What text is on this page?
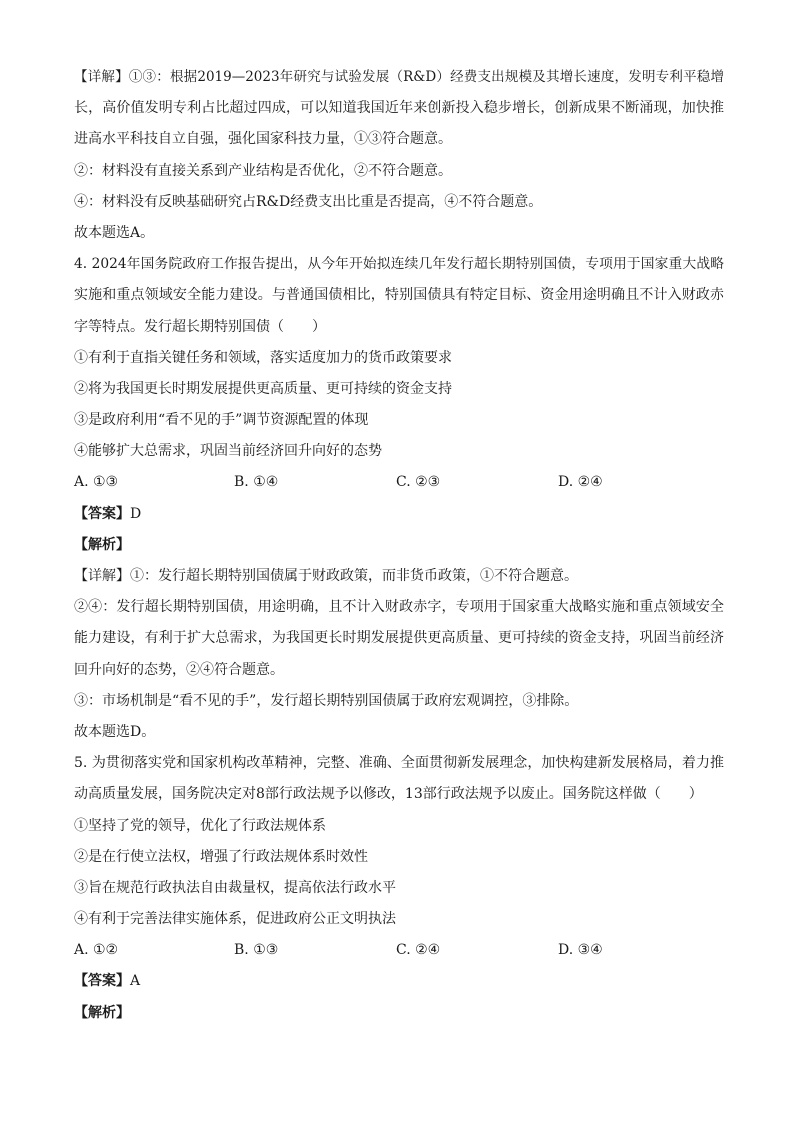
【详解】①③：根据2019—2023年研究与试验发展（R&D）经费支出规模及其增长速度，发明专利平稳增
长，高价值发明专利占比超过四成，可以知道我国近年来创新投入稳步增长，创新成果不断涌现，加快推
进高水平科技自立自强，强化国家科技力量，①③符合题意。
②：材料没有直接关系到产业结构是否优化，②不符合题意。
④：材料没有反映基础研究占R&D经费支出比重是否提高，④不符合题意。
故本题选A。
4. 2024年国务院政府工作报告提出，从今年开始拟连续几年发行超长期特别国债，专项用于国家重大战略
实施和重点领域安全能力建设。与普通国债相比，特别国债具有特定目标、资金用途明确且不计入财政赤
字等特点。发行超长期特别国债（　　）
①有利于直指关键任务和领域，落实适度加力的货币政策要求
②将为我国更长时期发展提供更高质量、更可持续的资金支持
③是政府利用“看不见的手”调节资源配置的体现
④能够扩大总需求，巩固当前经济回升向好的态势
A. ①③	B. ①④	C. ②③	D. ②④
【答案】D
【解析】
【详解】①：发行超长期特别国债属于财政政策，而非货币政策，①不符合题意。
②④：发行超长期特别国债，用途明确，且不计入财政赤字，专项用于国家重大战略实施和重点领域安全
能力建设，有利于扩大总需求，为我国更长时期发展提供更高质量、更可持续的资金支持，巩固当前经济
回升向好的态势，②④符合题意。
③：市场机制是“看不见的手”，发行超长期特别国债属于政府宏观调控，③排除。
故本题选D。
5. 为贯彻落实党和国家机构改革精神，完整、准确、全面贯彻新发展理念，加快构建新发展格局，着力推
动高质量发展，国务院决定对8部行政法规予以修改，13部行政法规予以废止。国务院这样做（　　）
①坚持了党的领导，优化了行政法规体系
②是在行使立法权，增强了行政法规体系时效性
③旨在规范行政执法自由裁量权，提高依法行政水平
④有利于完善法律实施体系，促进政府公正文明执法
A. ①②	B. ①③	C. ②④	D. ③④
【答案】A
【解析】
